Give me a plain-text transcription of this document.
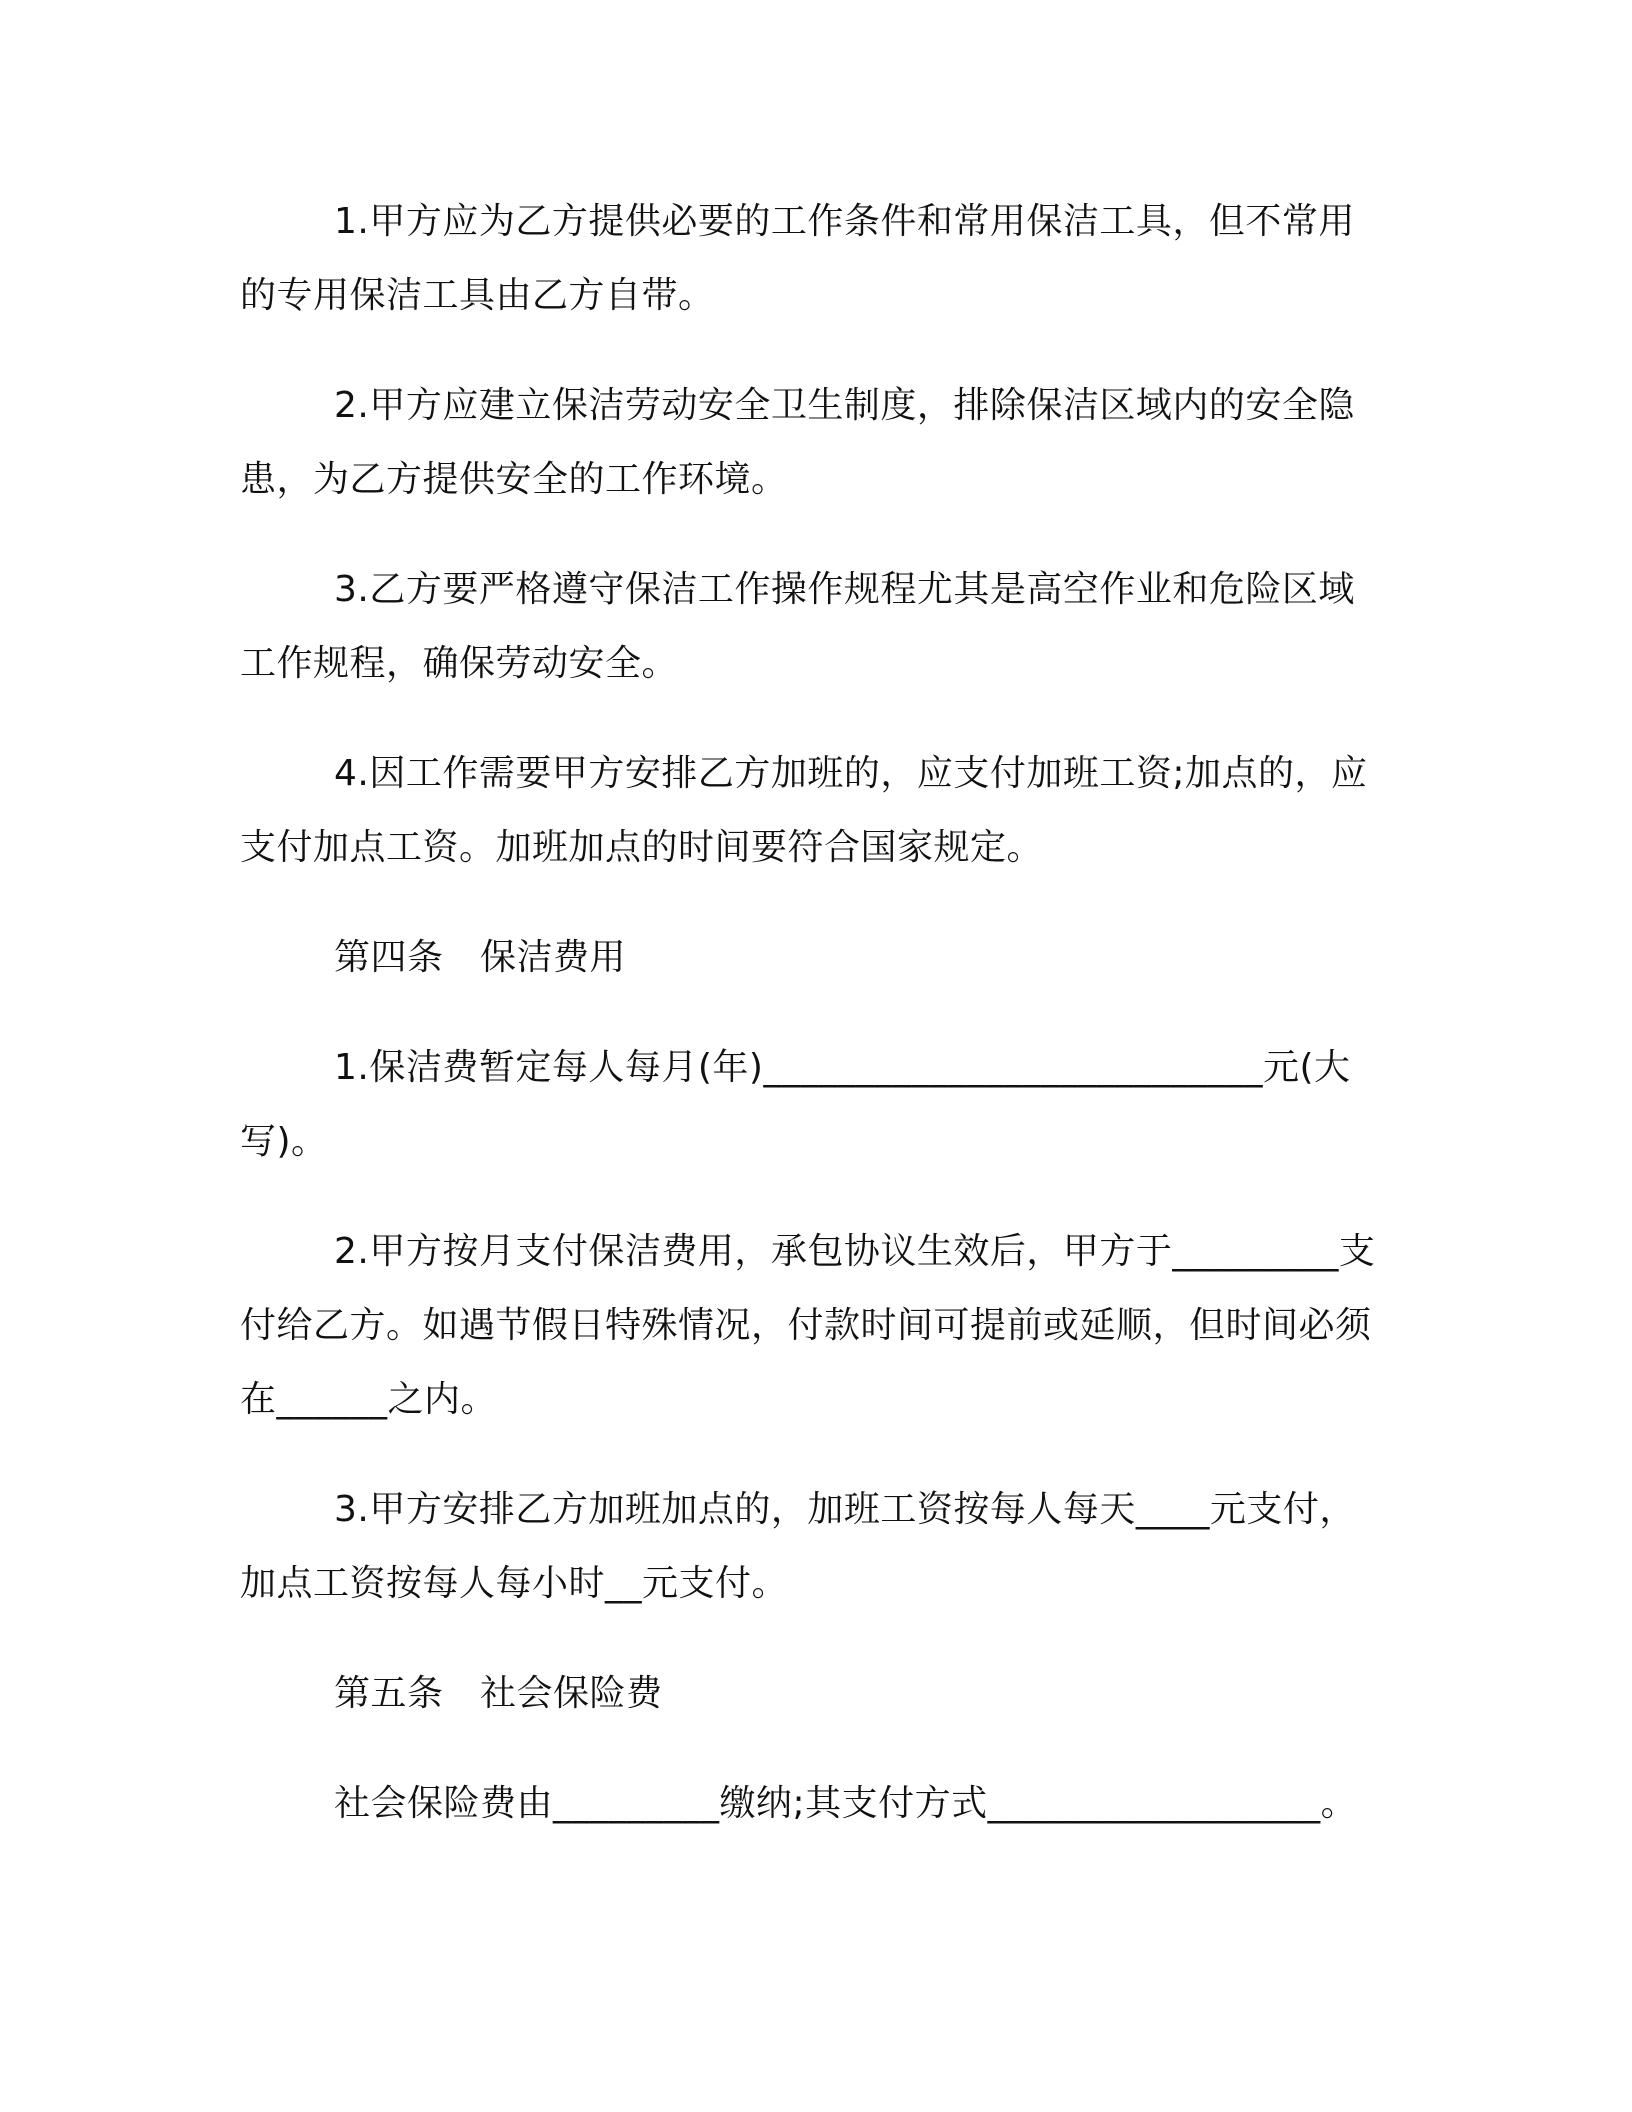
1.甲方应为乙方提供必要的工作条件和常用保洁工具，但不常用的专用保洁工具由乙方自带。

2.甲方应建立保洁劳动安全卫生制度，排除保洁区域内的安全隐患，为乙方提供安全的工作环境。

3.乙方要严格遵守保洁工作操作规程尤其是高空作业和危险区域工作规程，确保劳动安全。

4.因工作需要甲方安排乙方加班的，应支付加班工资;加点的，应支付加点工资。加班加点的时间要符合国家规定。

第四条　保洁费用

1.保洁费暂定每人每月(年)___________________________元(大写)。

2.甲方按月支付保洁费用，承包协议生效后，甲方于_________支付给乙方。如遇节假日特殊情况，付款时间可提前或延顺，但时间必须在______之内。

3.甲方安排乙方加班加点的，加班工资按每人每天____元支付，加点工资按每人每小时__元支付。

第五条　社会保险费

社会保险费由_________缴纳;其支付方式__________________。
